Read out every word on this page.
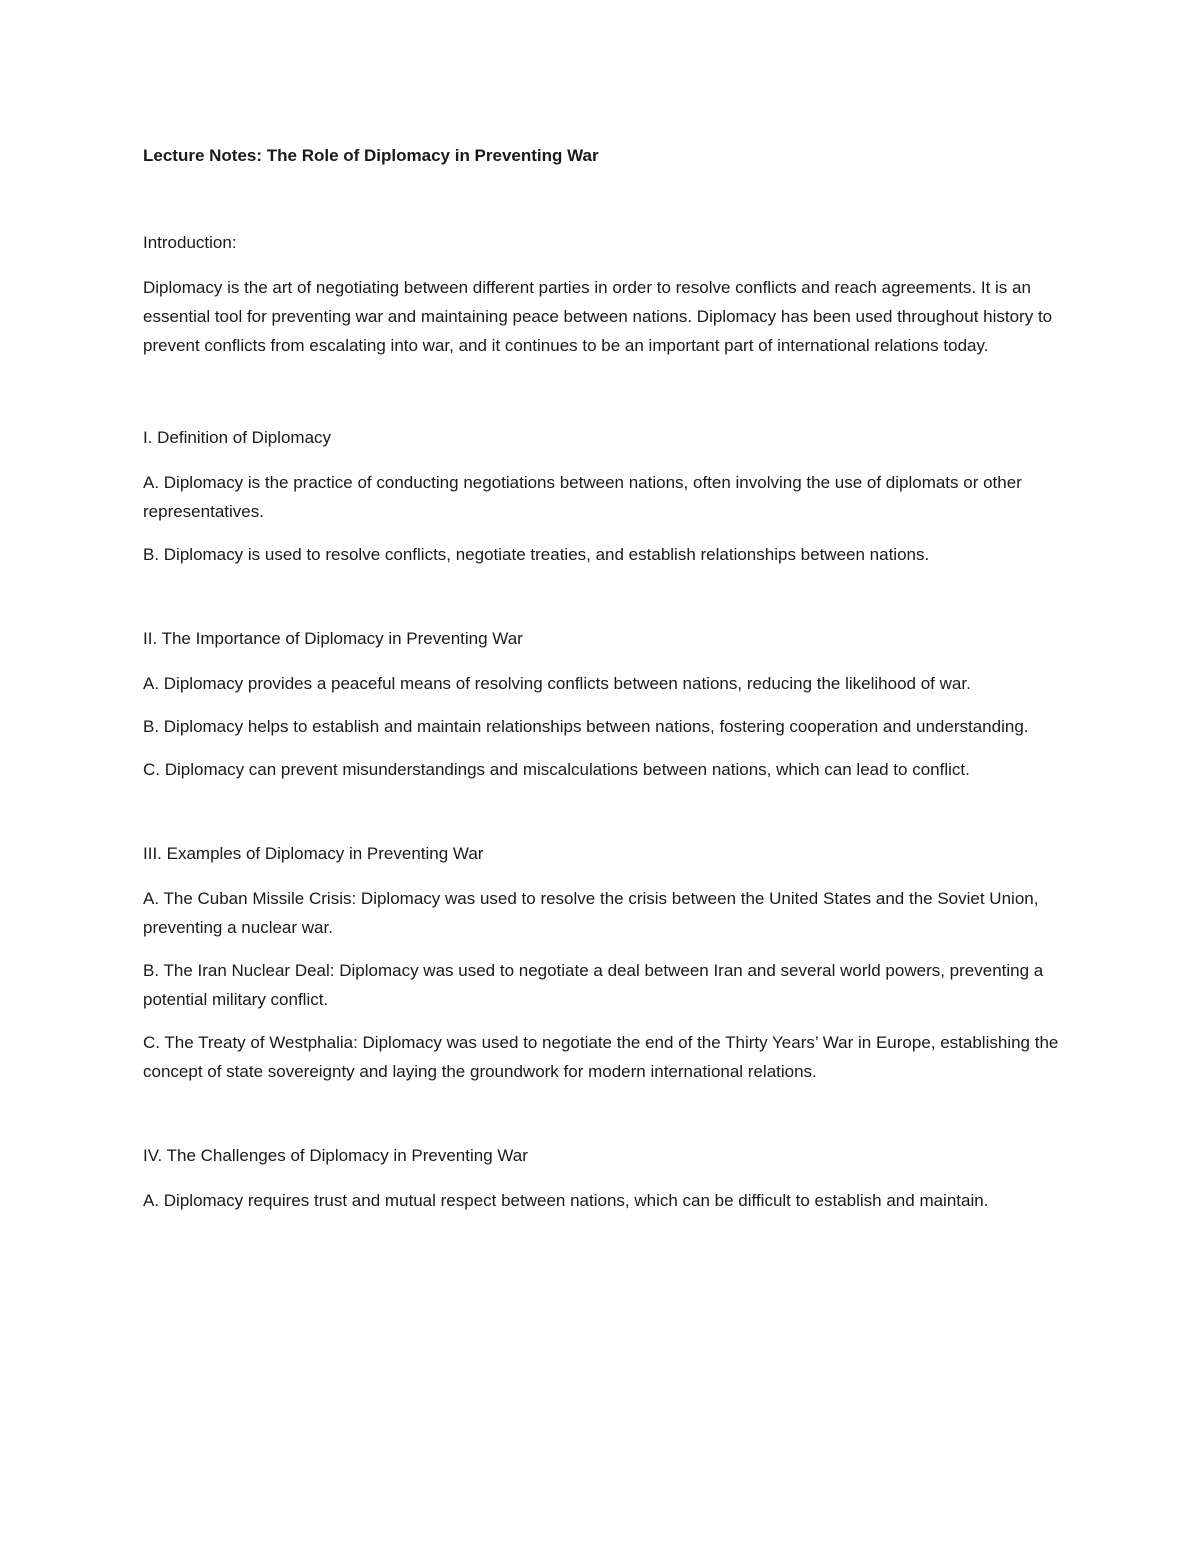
Lecture Notes: The Role of Diplomacy in Preventing War

Introduction:

Diplomacy is the art of negotiating between different parties in order to resolve conflicts and reach agreements. It is an essential tool for preventing war and maintaining peace between nations. Diplomacy has been used throughout history to prevent conflicts from escalating into war, and it continues to be an important part of international relations today.

I. Definition of Diplomacy

A. Diplomacy is the practice of conducting negotiations between nations, often involving the use of diplomats or other representatives.

B. Diplomacy is used to resolve conflicts, negotiate treaties, and establish relationships between nations.

II. The Importance of Diplomacy in Preventing War

A. Diplomacy provides a peaceful means of resolving conflicts between nations, reducing the likelihood of war.

B. Diplomacy helps to establish and maintain relationships between nations, fostering cooperation and understanding.

C. Diplomacy can prevent misunderstandings and miscalculations between nations, which can lead to conflict.

III. Examples of Diplomacy in Preventing War

A. The Cuban Missile Crisis: Diplomacy was used to resolve the crisis between the United States and the Soviet Union, preventing a nuclear war.

B. The Iran Nuclear Deal: Diplomacy was used to negotiate a deal between Iran and several world powers, preventing a potential military conflict.

C. The Treaty of Westphalia: Diplomacy was used to negotiate the end of the Thirty Years’ War in Europe, establishing the concept of state sovereignty and laying the groundwork for modern international relations.

IV. The Challenges of Diplomacy in Preventing War

A. Diplomacy requires trust and mutual respect between nations, which can be difficult to establish and maintain.
